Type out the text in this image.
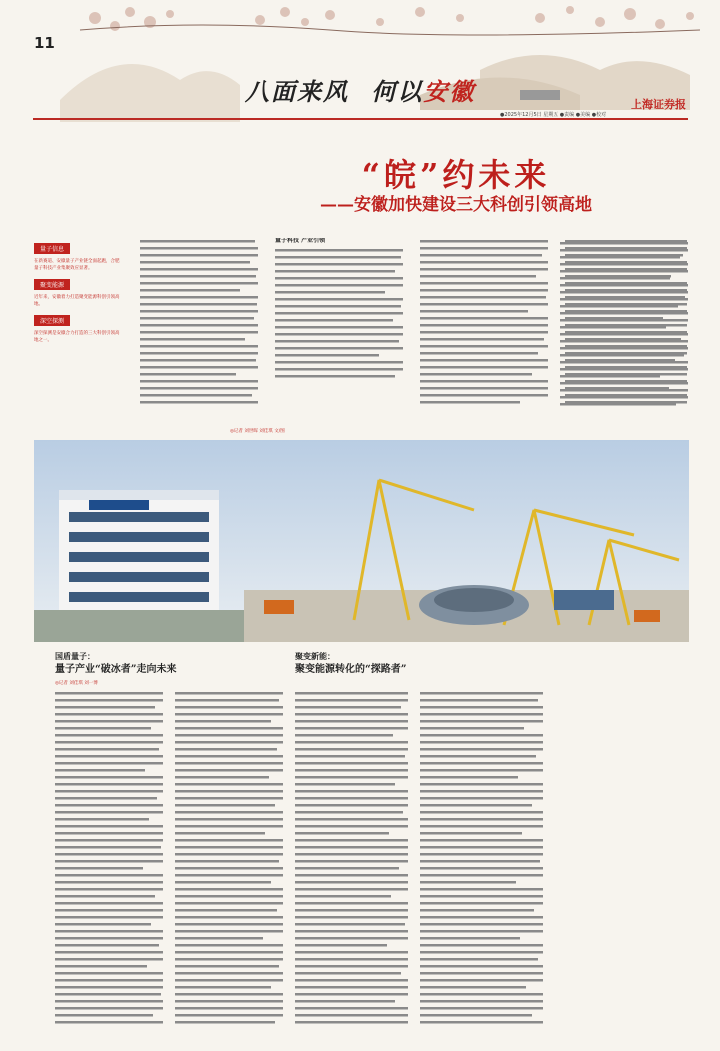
11
八面来风 何以安徽	上海证券报
●2025年12月5日 星期五 ●责编 ●美编 ●校对
“皖”约未来
——安徽加快建设三大科创引领高地
量子信息
在新赛道、安徽量子产业链全面起跑，合肥量子科技产业集聚效应显著。
聚变能源
近年来，安徽着力打造聚变能源科创引领高地。
深空探测
深空探测是安徽合力打造的三大科创引领高地之一。
量子科技 产业引领
◎记者 刘世晖 刘佳琪 文/图
国盾量子：
量子产业“破冰者”走向未来
聚变新能：
聚变能源转化的“探路者”
◎记者 刘佳琪 刘一博
